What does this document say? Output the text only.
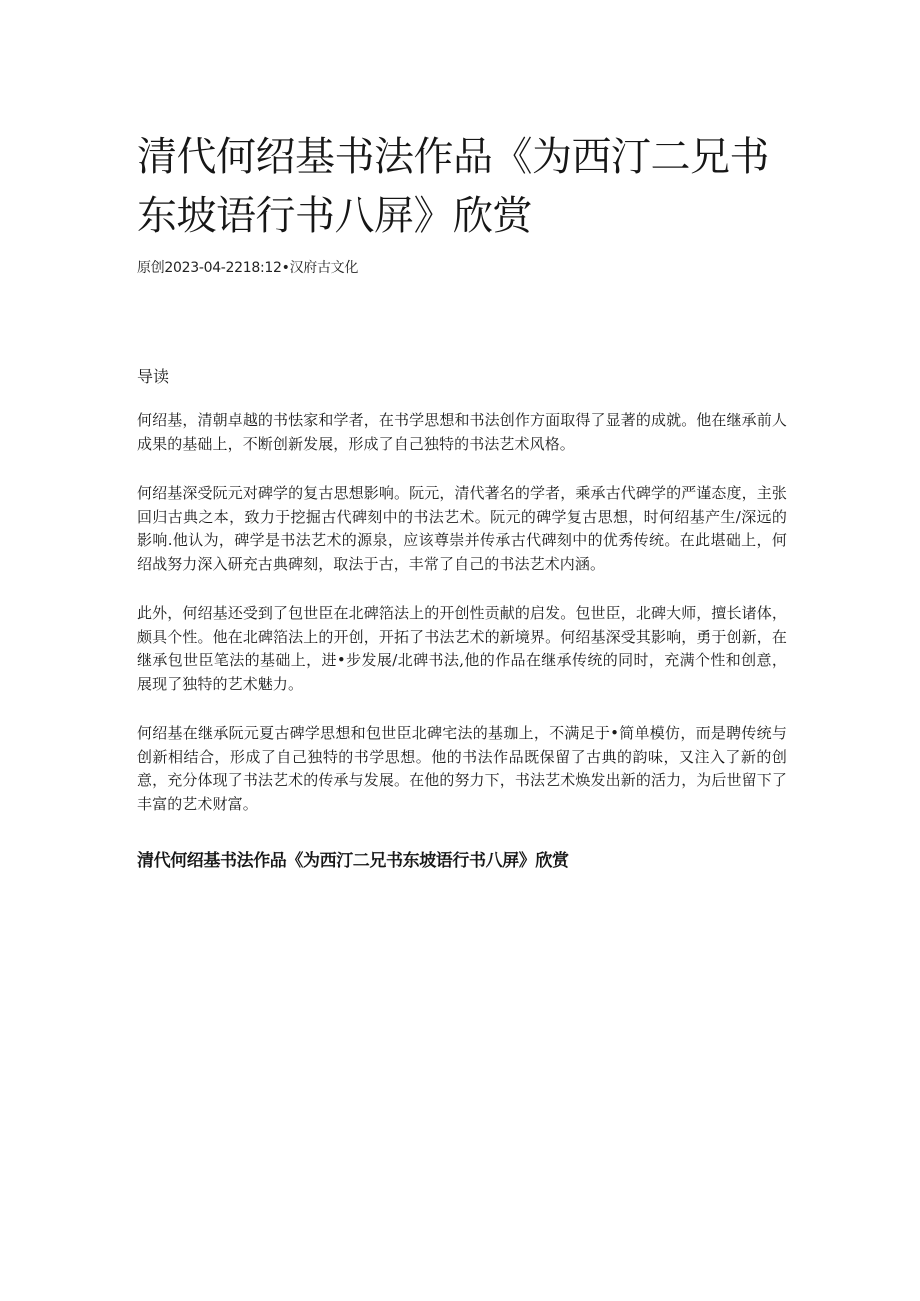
清代何绍基书法作品《为西汀二兄书东坡语行书八屏》欣赏
原创2023-04-2218:12•汉府古文化
导读

何绍基，清朝卓越的书怯家和学者，在书学思想和书法创作方面取得了显著的成就。他在继承前人成果的基础上，不断创新发展，形成了自己独特的书法艺术风格。

何绍基深受阮元对碑学的复古思想影响。阮元，清代著名的学者，乘承古代碑学的严谨态度，主张回归古典之本，致力于挖掘古代碑刻中的书法艺术。阮元的碑学复古思想，时何绍基产生/深远的影响.他认为，碑学是书法艺术的源泉，应该尊崇并传承古代碑刻中的优秀传统。在此堪础上，何绍战努力深入研充古典碑刻，取法于古，丰常了自己的书法艺术内涵。

此外，何绍基还受到了包世臣在北碑箔法上的开创性贡献的启发。包世臣，北碑大师，擅长诸体，颇具个性。他在北碑箔法上的开创，开拓了书法艺术的新境界。何绍基深受其影响，勇于创新，在继承包世臣笔法的基础上，进•步发展/北碑书法,他的作品在继承传统的同时，充满个性和创意，展现了独特的艺术魅力。

何绍基在继承阮元夏古碑学思想和包世臣北碑宅法的基珈上，不满足于•简单模仿，而是聘传统与创新相结合，形成了自己独特的书学思想。他的书法作品既保留了古典的韵味，又注入了新的创意，充分体现了书法艺术的传承与发展。在他的努力下，书法艺术焕发出新的活力，为后世留下了丰富的艺术财富。

清代何绍基书法作品《为西汀二兄书东坡语行书八屏》欣赏
